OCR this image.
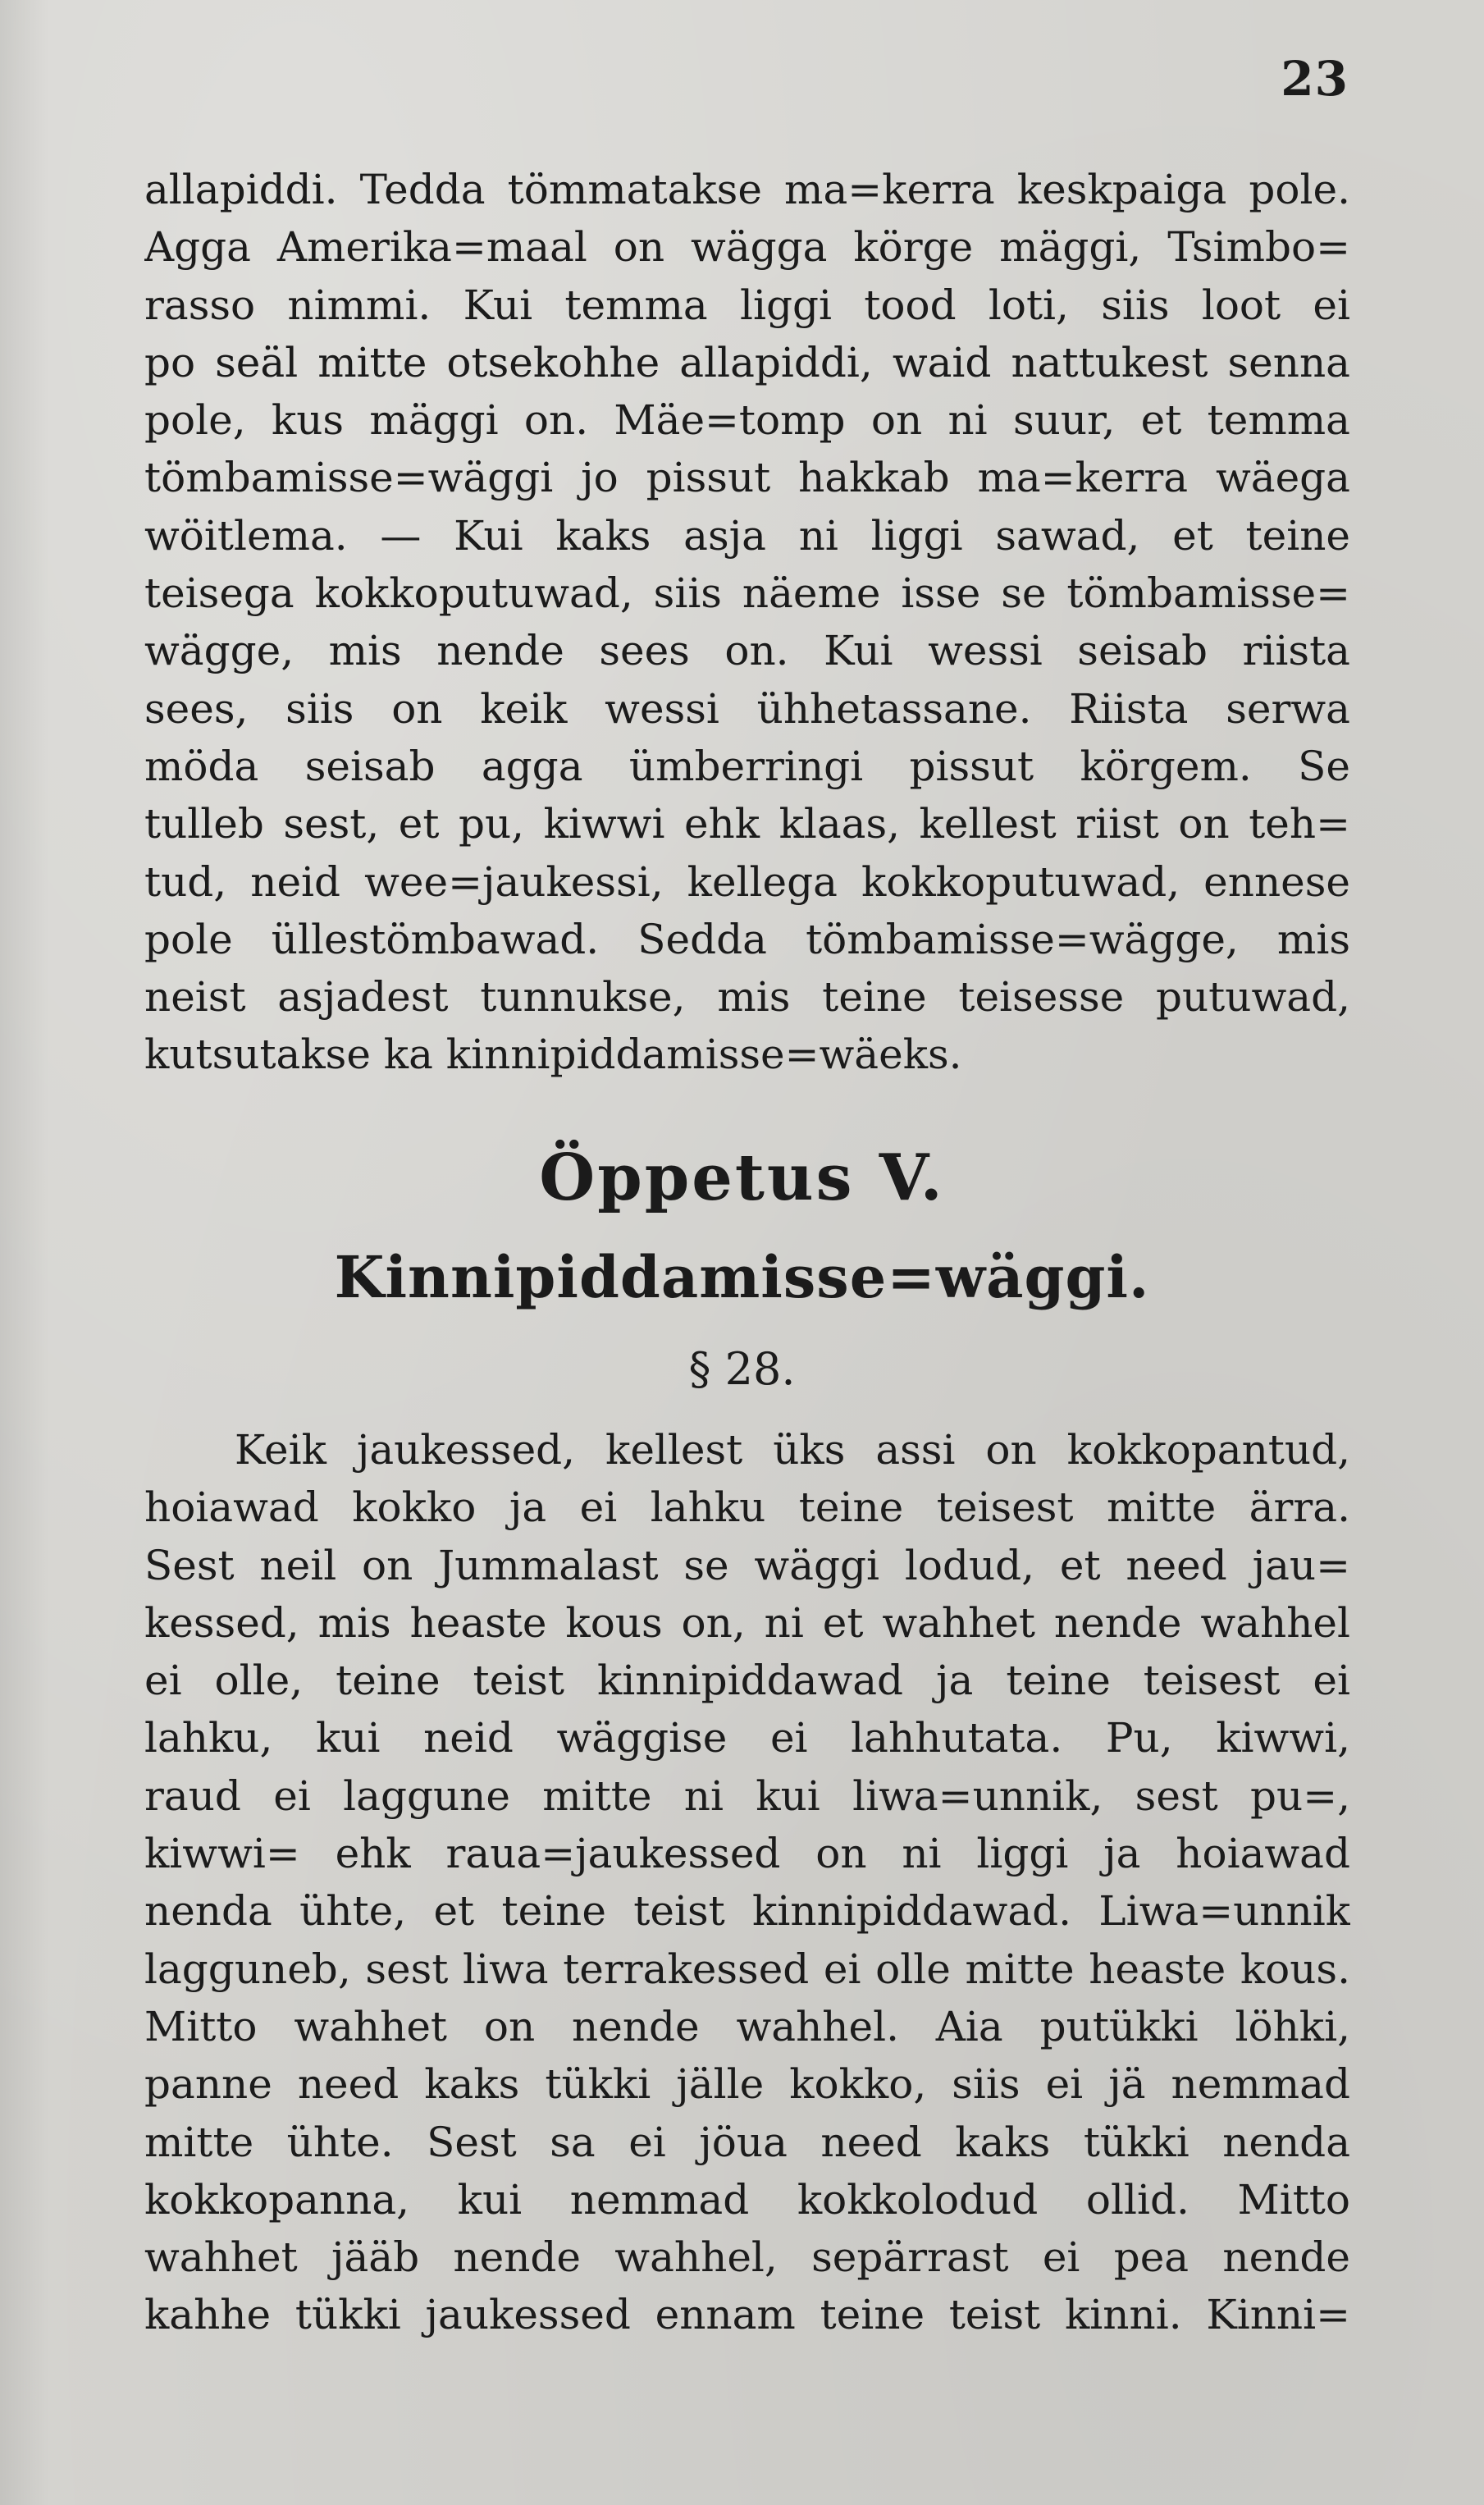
23
allapiddi. Tedda tömmatakse ma=kerra keskpaiga pole.
Agga Amerika=maal on wägga körge mäggi, Tsimbo=
rasso nimmi. Kui temma liggi tood loti, siis loot ei
po seäl mitte otsekohhe allapiddi, waid nattukest senna
pole, kus mäggi on. Mäe=tomp on ni suur, et temma
tömbamisse=wäggi jo pissut hakkab ma=kerra wäega
wöitlema. — Kui kaks asja ni liggi sawad, et teine
teisega kokkoputuwad, siis näeme isse se tömbamisse=
wägge, mis nende sees on. Kui wessi seisab riista
sees, siis on keik wessi ühhetassane. Riista serwa
möda seisab agga ümberringi pissut körgem. Se
tulleb sest, et pu, kiwwi ehk klaas, kellest riist on teh=
tud, neid wee=jaukessi, kellega kokkoputuwad, ennese
pole üllestömbawad. Sedda tömbamisse=wägge, mis
neist asjadest tunnukse, mis teine teisesse putuwad,
kutsutakse ka kinnipiddamisse=wäeks.
Öppetus V.
Kinnipiddamisse=wäggi.
§ 28.
Keik jaukessed, kellest üks assi on kokkopantud,
hoiawad kokko ja ei lahku teine teisest mitte ärra.
Sest neil on Jummalast se wäggi lodud, et need jau=
kessed, mis heaste kous on, ni et wahhet nende wahhel
ei olle, teine teist kinnipiddawad ja teine teisest ei
lahku, kui neid wäggise ei lahhutata. Pu, kiwwi,
raud ei laggune mitte ni kui liwa=unnik, sest pu=,
kiwwi= ehk raua=jaukessed on ni liggi ja hoiawad
nenda ühte, et teine teist kinnipiddawad. Liwa=unnik
lagguneb, sest liwa terrakessed ei olle mitte heaste kous.
Mitto wahhet on nende wahhel. Aia putükki löhki,
panne need kaks tükki jälle kokko, siis ei jä nemmad
mitte ühte. Sest sa ei jöua need kaks tükki nenda
kokkopanna, kui nemmad kokkolodud ollid. Mitto
wahhet jääb nende wahhel, sepärrast ei pea nende
kahhe tükki jaukessed ennam teine teist kinni. Kinni=
